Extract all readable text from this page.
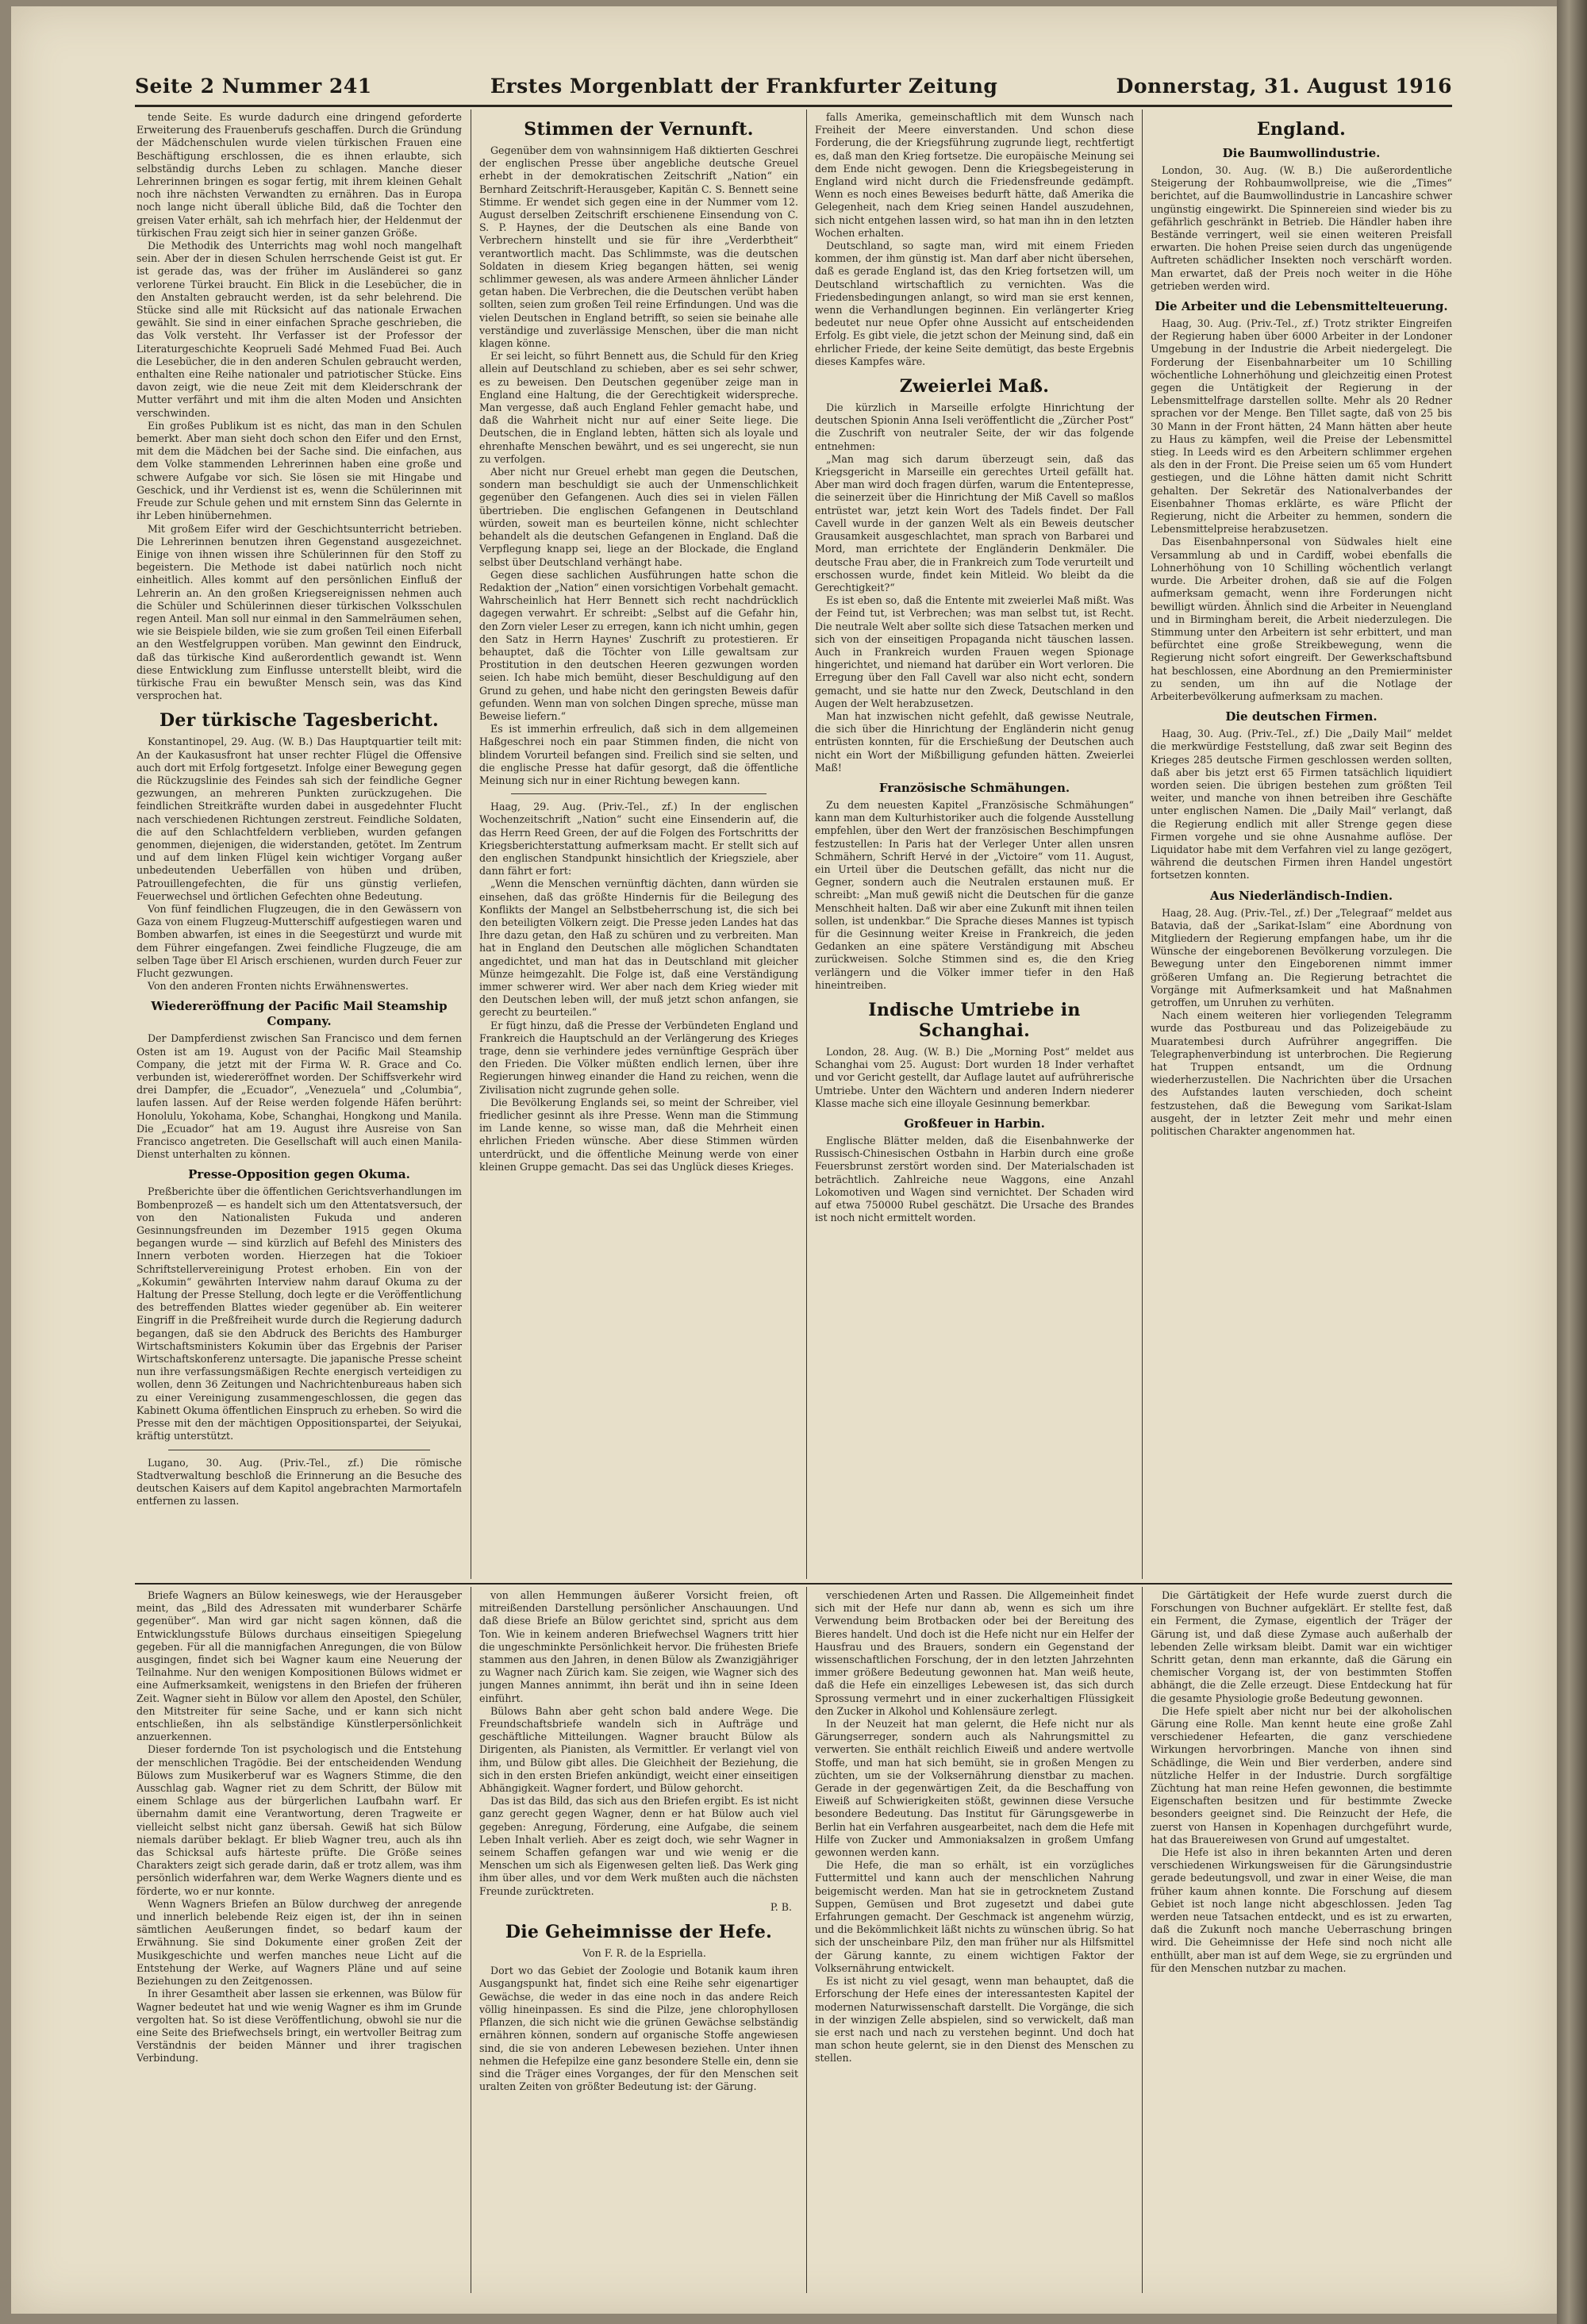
Seite 2 Nummer 241	Erstes Morgenblatt der Frankfurter Zeitung	Donnerstag, 31. August 1916

tende Seite. Es wurde dadurch eine dringend geforderte Erweiterung des Frauenberufs geschaffen. Durch die Gründung der Mädchenschulen wurde vielen türkischen Frauen eine Beschäftigung erschlossen, die es ihnen erlaubte, sich selbständig durchs Leben zu schlagen. Manche dieser Lehrerinnen bringen es sogar fertig, mit ihrem kleinen Gehalt noch ihre nächsten Verwandten zu ernähren. Das in Europa noch lange nicht überall übliche Bild, daß die Tochter den greisen Vater erhält, sah ich mehrfach hier, der Heldenmut der türkischen Frau zeigt sich hier in seiner ganzen Größe.

Die Methodik des Unterrichts mag wohl noch mangelhaft sein. Aber der in diesen Schulen herrschende Geist ist gut. Er ist gerade das, was der früher im Ausländerei so ganz verlorene Türkei braucht. Ein Blick in die Lesebücher, die in den Anstalten gebraucht werden, ist da sehr belehrend. Die Stücke sind alle mit Rücksicht auf das nationale Erwachen gewählt. Sie sind in einer einfachen Sprache geschrieben, die das Volk versteht. Ihr Verfasser ist der Professor der Literaturgeschichte Keoprueli Sadé Mehmed Fuad Bei. Auch die Lesebücher, die in den anderen Schulen gebraucht werden, enthalten eine Reihe nationaler und patriotischer Stücke. Eins davon zeigt, wie die neue Zeit mit dem Kleiderschrank der Mutter verfährt und mit ihm die alten Moden und Ansichten verschwinden.

Ein großes Publikum ist es nicht, das man in den Schulen bemerkt. Aber man sieht doch schon den Eifer und den Ernst, mit dem die Mädchen bei der Sache sind. Die einfachen, aus dem Volke stammenden Lehrerinnen haben eine große und schwere Aufgabe vor sich. Sie lösen sie mit Hingabe und Geschick, und ihr Verdienst ist es, wenn die Schülerinnen mit Freude zur Schule gehen und mit ernstem Sinn das Gelernte in ihr Leben hinübernehmen.

Mit großem Eifer wird der Geschichtsunterricht betrieben. Die Lehrerinnen benutzen ihren Gegenstand ausgezeichnet. Einige von ihnen wissen ihre Schülerinnen für den Stoff zu begeistern. Die Methode ist dabei natürlich noch nicht einheitlich. Alles kommt auf den persönlichen Einfluß der Lehrerin an. An den großen Kriegsereignissen nehmen auch die Schüler und Schülerinnen dieser türkischen Volksschulen regen Anteil. Man soll nur einmal in den Sammelräumen sehen, wie sie Beispiele bilden, wie sie zum großen Teil einen Eiferball an den Westfelgruppen vorüben. Man gewinnt den Eindruck, daß das türkische Kind außerordentlich gewandt ist. Wenn diese Entwicklung zum Einflusse unterstellt bleibt, wird die türkische Frau ein bewußter Mensch sein, was das Kind versprochen hat.

Der türkische Tagesbericht.

Konstantinopel, 29. Aug. (W. B.) Das Hauptquartier teilt mit: An der Kaukasusfront hat unser rechter Flügel die Offensive auch dort mit Erfolg fortgesetzt. Infolge einer Bewegung gegen die Rückzugslinie des Feindes sah sich der feindliche Gegner gezwungen, an mehreren Punkten zurückzugehen. Die feindlichen Streitkräfte wurden dabei in ausgedehnter Flucht nach verschiedenen Richtungen zerstreut. Feindliche Soldaten, die auf den Schlachtfeldern verblieben, wurden gefangen genommen, diejenigen, die widerstanden, getötet. Im Zentrum und auf dem linken Flügel kein wichtiger Vorgang außer unbedeutenden Ueberfällen von hüben und drüben, Patrouillengefechten, die für uns günstig verliefen, Feuerwechsel und örtlichen Gefechten ohne Bedeutung.

Von fünf feindlichen Flugzeugen, die in den Gewässern von Gaza von einem Flugzeug-Mutterschiff aufgestiegen waren und Bomben abwarfen, ist eines in die Seegestürzt und wurde mit dem Führer eingefangen. Zwei feindliche Flugzeuge, die am selben Tage über El Arisch erschienen, wurden durch Feuer zur Flucht gezwungen.

Von den anderen Fronten nichts Erwähnenswertes.

Wiedereröffnung der Pacific Mail Steamship Company.

Der Dampferdienst zwischen San Francisco und dem fernen Osten ist am 19. August von der Pacific Mail Steamship Company, die jetzt mit der Firma W. R. Grace and Co. verbunden ist, wiedereröffnet worden. Der Schiffsverkehr wird drei Dampfer, die „Ecuador“, „Venezuela“ und „Columbia“, laufen lassen. Auf der Reise werden folgende Häfen berührt: Honolulu, Yokohama, Kobe, Schanghai, Hongkong und Manila. Die „Ecuador“ hat am 19. August ihre Ausreise von San Francisco angetreten. Die Gesellschaft will auch einen Manila-Dienst unterhalten zu können.

Presse-Opposition gegen Okuma.

Preßberichte über die öffentlichen Gerichtsverhandlungen im Bombenprozeß — es handelt sich um den Attentatsversuch, der von den Nationalisten Fukuda und anderen Gesinnungsfreunden im Dezember 1915 gegen Okuma begangen wurde — sind kürzlich auf Befehl des Ministers des Innern verboten worden. Hierzegen hat die Tokioer Schriftstellervereinigung Protest erhoben. Ein von der „Kokumin“ gewährten Interview nahm darauf Okuma zu der Haltung der Presse Stellung, doch legte er die Veröffentlichung des betreffenden Blattes wieder gegenüber ab. Ein weiterer Eingriff in die Preßfreiheit wurde durch die Regierung dadurch begangen, daß sie den Abdruck des Berichts des Hamburger Wirtschaftsministers Kokumin über das Ergebnis der Pariser Wirtschaftskonferenz untersagte. Die japanische Presse scheint nun ihre verfassungsmäßigen Rechte energisch verteidigen zu wollen, denn 36 Zeitungen und Nachrichtenbureaus haben sich zu einer Vereinigung zusammengeschlossen, die gegen das Kabinett Okuma öffentlichen Einspruch zu erheben. So wird die Presse mit den der mächtigen Oppositionspartei, der Seiyukai, kräftig unterstützt.

Lugano, 30. Aug. (Priv.-Tel., zf.) Die römische Stadtverwaltung beschloß die Erinnerung an die Besuche des deutschen Kaisers auf dem Kapitol angebrachten Marmortafeln entfernen zu lassen.

Stimmen der Vernunft.

Gegenüber dem von wahnsinnigem Haß diktierten Geschrei der englischen Presse über angebliche deutsche Greuel erhebt in der demokratischen Zeitschrift „Nation“ ein Bernhard Zeitschrift-Herausgeber, Kapitän C. S. Bennett seine Stimme. Er wendet sich gegen eine in der Nummer vom 12. August derselben Zeitschrift erschienene Einsendung von C. S. P. Haynes, der die Deutschen als eine Bande von Verbrechern hinstellt und sie für ihre „Verderbtheit“ verantwortlich macht. Das Schlimmste, was die deutschen Soldaten in diesem Krieg begangen hätten, sei wenig schlimmer gewesen, als was andere Armeen ähnlicher Länder getan haben. Die Verbrechen, die die Deutschen verübt haben sollten, seien zum großen Teil reine Erfindungen. Und was die vielen Deutschen in England betrifft, so seien sie beinahe alle verständige und zuverlässige Menschen, über die man nicht klagen könne.

Er sei leicht, so führt Bennett aus, die Schuld für den Krieg allein auf Deutschland zu schieben, aber es sei sehr schwer, es zu beweisen. Den Deutschen gegenüber zeige man in England eine Haltung, die der Gerechtigkeit widerspreche. Man vergesse, daß auch England Fehler gemacht habe, und daß die Wahrheit nicht nur auf einer Seite liege. Die Deutschen, die in England lebten, hätten sich als loyale und ehrenhafte Menschen bewährt, und es sei ungerecht, sie nun zu verfolgen.

Aber nicht nur Greuel erhebt man gegen die Deutschen, sondern man beschuldigt sie auch der Unmenschlichkeit gegenüber den Gefangenen. Auch dies sei in vielen Fällen übertrieben. Die englischen Gefangenen in Deutschland würden, soweit man es beurteilen könne, nicht schlechter behandelt als die deutschen Gefangenen in England. Daß die Verpflegung knapp sei, liege an der Blockade, die England selbst über Deutschland verhängt habe.

Gegen diese sachlichen Ausführungen hatte schon die Redaktion der „Nation“ einen vorsichtigen Vorbehalt gemacht. Wahrscheinlich hat Herr Bennett sich recht nachdrücklich dagegen verwahrt. Er schreibt: „Selbst auf die Gefahr hin, den Zorn vieler Leser zu erregen, kann ich nicht umhin, gegen den Satz in Herrn Haynes' Zuschrift zu protestieren. Er behauptet, daß die Töchter von Lille gewaltsam zur Prostitution in den deutschen Heeren gezwungen worden seien. Ich habe mich bemüht, dieser Beschuldigung auf den Grund zu gehen, und habe nicht den geringsten Beweis dafür gefunden. Wenn man von solchen Dingen spreche, müsse man Beweise liefern.“

Es ist immerhin erfreulich, daß sich in dem allgemeinen Haßgeschrei noch ein paar Stimmen finden, die nicht von blindem Vorurteil befangen sind. Freilich sind sie selten, und die englische Presse hat dafür gesorgt, daß die öffentliche Meinung sich nur in einer Richtung bewegen kann.

Haag, 29. Aug. (Priv.-Tel., zf.) In der englischen Wochenzeitschrift „Nation“ sucht eine Einsenderin auf, die das Herrn Reed Green, der auf die Folgen des Fortschritts der Kriegsberichterstattung aufmerksam macht. Er stellt sich auf den englischen Standpunkt hinsichtlich der Kriegsziele, aber dann fährt er fort:

„Wenn die Menschen vernünftig dächten, dann würden sie einsehen, daß das größte Hindernis für die Beilegung des Konflikts der Mangel an Selbstbeherrschung ist, die sich bei den beteiligten Völkern zeigt. Die Presse jeden Landes hat das Ihre dazu getan, den Haß zu schüren und zu verbreiten. Man hat in England den Deutschen alle möglichen Schandtaten angedichtet, und man hat das in Deutschland mit gleicher Münze heimgezahlt. Die Folge ist, daß eine Verständigung immer schwerer wird. Wer aber nach dem Krieg wieder mit den Deutschen leben will, der muß jetzt schon anfangen, sie gerecht zu beurteilen.“

Er fügt hinzu, daß die Presse der Verbündeten England und Frankreich die Hauptschuld an der Verlängerung des Krieges trage, denn sie verhindere jedes vernünftige Gespräch über den Frieden. Die Völker müßten endlich lernen, über ihre Regierungen hinweg einander die Hand zu reichen, wenn die Zivilisation nicht zugrunde gehen solle.

Die Bevölkerung Englands sei, so meint der Schreiber, viel friedlicher gesinnt als ihre Presse. Wenn man die Stimmung im Lande kenne, so wisse man, daß die Mehrheit einen ehrlichen Frieden wünsche. Aber diese Stimmen würden unterdrückt, und die öffentliche Meinung werde von einer kleinen Gruppe gemacht. Das sei das Unglück dieses Krieges.

falls Amerika, gemeinschaftlich mit dem Wunsch nach Freiheit der Meere einverstanden. Und schon diese Forderung, die der Kriegsführung zugrunde liegt, rechtfertigt es, daß man den Krieg fortsetze. Die europäische Meinung sei dem Ende nicht gewogen. Denn die Kriegsbegeisterung in England wird nicht durch die Friedensfreunde gedämpft. Wenn es noch eines Beweises bedurft hätte, daß Amerika die Gelegenheit, nach dem Krieg seinen Handel auszudehnen, sich nicht entgehen lassen wird, so hat man ihn in den letzten Wochen erhalten.

Deutschland, so sagte man, wird mit einem Frieden kommen, der ihm günstig ist. Man darf aber nicht übersehen, daß es gerade England ist, das den Krieg fortsetzen will, um Deutschland wirtschaftlich zu vernichten. Was die Friedensbedingungen anlangt, so wird man sie erst kennen, wenn die Verhandlungen beginnen. Ein verlängerter Krieg bedeutet nur neue Opfer ohne Aussicht auf entscheidenden Erfolg. Es gibt viele, die jetzt schon der Meinung sind, daß ein ehrlicher Friede, der keine Seite demütigt, das beste Ergebnis dieses Kampfes wäre.

Zweierlei Maß.

Die kürzlich in Marseille erfolgte Hinrichtung der deutschen Spionin Anna Iseli veröffentlicht die „Zürcher Post“ die Zuschrift von neutraler Seite, der wir das folgende entnehmen:

„Man mag sich darum überzeugt sein, daß das Kriegsgericht in Marseille ein gerechtes Urteil gefällt hat. Aber man wird doch fragen dürfen, warum die Ententepresse, die seinerzeit über die Hinrichtung der Miß Cavell so maßlos entrüstet war, jetzt kein Wort des Tadels findet. Der Fall Cavell wurde in der ganzen Welt als ein Beweis deutscher Grausamkeit ausgeschlachtet, man sprach von Barbarei und Mord, man errichtete der Engländerin Denkmäler. Die deutsche Frau aber, die in Frankreich zum Tode verurteilt und erschossen wurde, findet kein Mitleid. Wo bleibt da die Gerechtigkeit?“

Es ist eben so, daß die Entente mit zweierlei Maß mißt. Was der Feind tut, ist Verbrechen; was man selbst tut, ist Recht. Die neutrale Welt aber sollte sich diese Tatsachen merken und sich von der einseitigen Propaganda nicht täuschen lassen. Auch in Frankreich wurden Frauen wegen Spionage hingerichtet, und niemand hat darüber ein Wort verloren. Die Erregung über den Fall Cavell war also nicht echt, sondern gemacht, und sie hatte nur den Zweck, Deutschland in den Augen der Welt herabzusetzen.

Man hat inzwischen nicht gefehlt, daß gewisse Neutrale, die sich über die Hinrichtung der Engländerin nicht genug entrüsten konnten, für die Erschießung der Deutschen auch nicht ein Wort der Mißbilligung gefunden hätten. Zweierlei Maß!

Französische Schmähungen.

Zu dem neuesten Kapitel „Französische Schmähungen“ kann man dem Kulturhistoriker auch die folgende Ausstellung empfehlen, über den Wert der französischen Beschimpfungen festzustellen: In Paris hat der Verleger Unter allen unsren Schmähern, Schrift Hervé in der „Victoire“ vom 11. August, ein Urteil über die Deutschen gefällt, das nicht nur die Gegner, sondern auch die Neutralen erstaunen muß. Er schreibt: „Man muß gewiß nicht die Deutschen für die ganze Menschheit halten. Daß wir aber eine Zukunft mit ihnen teilen sollen, ist undenkbar.“ Die Sprache dieses Mannes ist typisch für die Gesinnung weiter Kreise in Frankreich, die jeden Gedanken an eine spätere Verständigung mit Abscheu zurückweisen. Solche Stimmen sind es, die den Krieg verlängern und die Völker immer tiefer in den Haß hineintreiben.

Indische Umtriebe in Schanghai.

London, 28. Aug. (W. B.) Die „Morning Post“ meldet aus Schanghai vom 25. August: Dort wurden 18 Inder verhaftet und vor Gericht gestellt, dar Auflage lautet auf aufrührerische Umtriebe. Unter den Wächtern und anderen Indern niederer Klasse mache sich eine illoyale Gesinnung bemerkbar.

Großfeuer in Harbin.

Englische Blätter melden, daß die Eisenbahnwerke der Russisch-Chinesischen Ostbahn in Harbin durch eine große Feuersbrunst zerstört worden sind. Der Materialschaden ist beträchtlich. Zahlreiche neue Waggons, eine Anzahl Lokomotiven und Wagen sind vernichtet. Der Schaden wird auf etwa 750000 Rubel geschätzt. Die Ursache des Brandes ist noch nicht ermittelt worden.

England.
Die Baumwollindustrie.

London, 30. Aug. (W. B.) Die außerordentliche Steigerung der Rohbaumwollpreise, wie die „Times“ berichtet, auf die Baumwollindustrie in Lancashire schwer ungünstig eingewirkt. Die Spinnereien sind wieder bis zu gefährlich geschränkt in Betrieb. Die Händler haben ihre Bestände verringert, weil sie einen weiteren Preisfall erwarten. Die hohen Preise seien durch das ungenügende Auftreten schädlicher Insekten noch verschärft worden. Man erwartet, daß der Preis noch weiter in die Höhe getrieben werden wird.

Die Arbeiter und die Lebensmittelteuerung.

Haag, 30. Aug. (Priv.-Tel., zf.) Trotz strikter Eingreifen der Regierung haben über 6000 Arbeiter in der Londoner Umgebung in der Industrie die Arbeit niedergelegt. Die Forderung der Eisenbahnarbeiter um 10 Schilling wöchentliche Lohnerhöhung und gleichzeitig einen Protest gegen die Untätigkeit der Regierung in der Lebensmittelfrage darstellen sollte. Mehr als 20 Redner sprachen vor der Menge. Ben Tillet sagte, daß von 25 bis 30 Mann in der Front hätten, 24 Mann hätten aber heute zu Haus zu kämpfen, weil die Preise der Lebensmittel stieg. In Leeds wird es den Arbeitern schlimmer ergehen als den in der Front. Die Preise seien um 65 vom Hundert gestiegen, und die Löhne hätten damit nicht Schritt gehalten. Der Sekretär des Nationalverbandes der Eisenbahner Thomas erklärte, es wäre Pflicht der Regierung, nicht die Arbeiter zu hemmen, sondern die Lebensmittelpreise herabzusetzen.

Das Eisenbahnpersonal von Südwales hielt eine Versammlung ab und in Cardiff, wobei ebenfalls die Lohnerhöhung von 10 Schilling wöchentlich verlangt wurde. Die Arbeiter drohen, daß sie auf die Folgen aufmerksam gemacht, wenn ihre Forderungen nicht bewilligt würden. Ähnlich sind die Arbeiter in Neuengland und in Birmingham bereit, die Arbeit niederzulegen. Die Stimmung unter den Arbeitern ist sehr erbittert, und man befürchtet eine große Streikbewegung, wenn die Regierung nicht sofort eingreift. Der Gewerkschaftsbund hat beschlossen, eine Abordnung an den Premierminister zu senden, um ihn auf die Notlage der Arbeiterbevölkerung aufmerksam zu machen.

Die deutschen Firmen.

Haag, 30. Aug. (Priv.-Tel., zf.) Die „Daily Mail“ meldet die merkwürdige Feststellung, daß zwar seit Beginn des Krieges 285 deutsche Firmen geschlossen werden sollten, daß aber bis jetzt erst 65 Firmen tatsächlich liquidiert worden seien. Die übrigen bestehen zum größten Teil weiter, und manche von ihnen betreiben ihre Geschäfte unter englischen Namen. Die „Daily Mail“ verlangt, daß die Regierung endlich mit aller Strenge gegen diese Firmen vorgehe und sie ohne Ausnahme auflöse. Der Liquidator habe mit dem Verfahren viel zu lange gezögert, während die deutschen Firmen ihren Handel ungestört fortsetzen konnten.

Aus Niederländisch-Indien.

Haag, 28. Aug. (Priv.-Tel., zf.) Der „Telegraaf“ meldet aus Batavia, daß der „Sarikat-Islam“ eine Abordnung von Mitgliedern der Regierung empfangen habe, um ihr die Wünsche der eingeborenen Bevölkerung vorzulegen. Die Bewegung unter den Eingeborenen nimmt immer größeren Umfang an. Die Regierung betrachtet die Vorgänge mit Aufmerksamkeit und hat Maßnahmen getroffen, um Unruhen zu verhüten.

Nach einem weiteren hier vorliegenden Telegramm wurde das Postbureau und das Polizeigebäude zu Muaratembesi durch Aufrührer angegriffen. Die Telegraphenverbindung ist unterbrochen. Die Regierung hat Truppen entsandt, um die Ordnung wiederherzustellen. Die Nachrichten über die Ursachen des Aufstandes lauten verschieden, doch scheint festzustehen, daß die Bewegung vom Sarikat-Islam ausgeht, der in letzter Zeit mehr und mehr einen politischen Charakter angenommen hat.

Briefe Wagners an Bülow keineswegs, wie der Herausgeber meint, das „Bild des Adressaten mit wunderbarer Schärfe gegenüber“. Man wird gar nicht sagen können, daß die Entwicklungsstufe Bülows durchaus einseitigen Spiegelung gegeben. Für all die mannigfachen Anregungen, die von Bülow ausgingen, findet sich bei Wagner kaum eine Neuerung der Teilnahme. Nur den wenigen Kompositionen Bülows widmet er eine Aufmerksamkeit, wenigstens in den Briefen der früheren Zeit. Wagner sieht in Bülow vor allem den Apostel, den Schüler, den Mitstreiter für seine Sache, und er kann sich nicht entschließen, ihn als selbständige Künstlerpersönlichkeit anzuerkennen.

Dieser fordernde Ton ist psychologisch und die Entstehung der menschlichen Tragödie. Bei der entscheidenden Wendung Bülows zum Musikerberuf war es Wagners Stimme, die den Ausschlag gab. Wagner riet zu dem Schritt, der Bülow mit einem Schlage aus der bürgerlichen Laufbahn warf. Er übernahm damit eine Verantwortung, deren Tragweite er vielleicht selbst nicht ganz übersah. Gewiß hat sich Bülow niemals darüber beklagt. Er blieb Wagner treu, auch als ihn das Schicksal aufs härteste prüfte. Die Größe seines Charakters zeigt sich gerade darin, daß er trotz allem, was ihm persönlich widerfahren war, dem Werke Wagners diente und es förderte, wo er nur konnte.

Wenn Wagners Briefen an Bülow durchweg der anregende und innerlich belebende Reiz eigen ist, der ihn in seinen sämtlichen Aeußerungen findet, so bedarf kaum der Erwähnung. Sie sind Dokumente einer großen Zeit der Musikgeschichte und werfen manches neue Licht auf die Entstehung der Werke, auf Wagners Pläne und auf seine Beziehungen zu den Zeitgenossen.

In ihrer Gesamtheit aber lassen sie erkennen, was Bülow für Wagner bedeutet hat und wie wenig Wagner es ihm im Grunde vergolten hat. So ist diese Veröffentlichung, obwohl sie nur die eine Seite des Briefwechsels bringt, ein wertvoller Beitrag zum Verständnis der beiden Männer und ihrer tragischen Verbindung.

von allen Hemmungen äußerer Vorsicht freien, oft mitreißenden Darstellung persönlicher Anschauungen. Und daß diese Briefe an Bülow gerichtet sind, spricht aus dem Ton. Wie in keinem anderen Briefwechsel Wagners tritt hier die ungeschminkte Persönlichkeit hervor. Die frühesten Briefe stammen aus den Jahren, in denen Bülow als Zwanzigjähriger zu Wagner nach Zürich kam. Sie zeigen, wie Wagner sich des jungen Mannes annimmt, ihn berät und ihn in seine Ideen einführt.

Bülows Bahn aber geht schon bald andere Wege. Die Freundschaftsbriefe wandeln sich in Aufträge und geschäftliche Mitteilungen. Wagner braucht Bülow als Dirigenten, als Pianisten, als Vermittler. Er verlangt viel von ihm, und Bülow gibt alles. Die Gleichheit der Beziehung, die sich in den ersten Briefen ankündigt, weicht einer einseitigen Abhängigkeit. Wagner fordert, und Bülow gehorcht.

Das ist das Bild, das sich aus den Briefen ergibt. Es ist nicht ganz gerecht gegen Wagner, denn er hat Bülow auch viel gegeben: Anregung, Förderung, eine Aufgabe, die seinem Leben Inhalt verlieh. Aber es zeigt doch, wie sehr Wagner in seinem Schaffen gefangen war und wie wenig er die Menschen um sich als Eigenwesen gelten ließ. Das Werk ging ihm über alles, und vor dem Werk mußten auch die nächsten Freunde zurücktreten.

P. B.

Die Geheimnisse der Hefe.

Von F. R. de la Espriella.

Dort wo das Gebiet der Zoologie und Botanik kaum ihren Ausgangspunkt hat, findet sich eine Reihe sehr eigenartiger Gewächse, die weder in das eine noch in das andere Reich völlig hineinpassen. Es sind die Pilze, jene chlorophyllosen Pflanzen, die sich nicht wie die grünen Gewächse selbständig ernähren können, sondern auf organische Stoffe angewiesen sind, die sie von anderen Lebewesen beziehen. Unter ihnen nehmen die Hefepilze eine ganz besondere Stelle ein, denn sie sind die Träger eines Vorganges, der für den Menschen seit uralten Zeiten von größter Bedeutung ist: der Gärung.

verschiedenen Arten und Rassen. Die Allgemeinheit findet sich mit der Hefe nur dann ab, wenn es sich um ihre Verwendung beim Brotbacken oder bei der Bereitung des Bieres handelt. Und doch ist die Hefe nicht nur ein Helfer der Hausfrau und des Brauers, sondern ein Gegenstand der wissenschaftlichen Forschung, der in den letzten Jahrzehnten immer größere Bedeutung gewonnen hat. Man weiß heute, daß die Hefe ein einzelliges Lebewesen ist, das sich durch Sprossung vermehrt und in einer zuckerhaltigen Flüssigkeit den Zucker in Alkohol und Kohlensäure zerlegt.

In der Neuzeit hat man gelernt, die Hefe nicht nur als Gärungserreger, sondern auch als Nahrungsmittel zu verwerten. Sie enthält reichlich Eiweiß und andere wertvolle Stoffe, und man hat sich bemüht, sie in großen Mengen zu züchten, um sie der Volksernährung dienstbar zu machen. Gerade in der gegenwärtigen Zeit, da die Beschaffung von Eiweiß auf Schwierigkeiten stößt, gewinnen diese Versuche besondere Bedeutung. Das Institut für Gärungsgewerbe in Berlin hat ein Verfahren ausgearbeitet, nach dem die Hefe mit Hilfe von Zucker und Ammoniaksalzen in großem Umfang gewonnen werden kann.

Die Hefe, die man so erhält, ist ein vorzügliches Futtermittel und kann auch der menschlichen Nahrung beigemischt werden. Man hat sie in getrocknetem Zustand Suppen, Gemüsen und Brot zugesetzt und dabei gute Erfahrungen gemacht. Der Geschmack ist angenehm würzig, und die Bekömmlichkeit läßt nichts zu wünschen übrig. So hat sich der unscheinbare Pilz, den man früher nur als Hilfsmittel der Gärung kannte, zu einem wichtigen Faktor der Volksernährung entwickelt.

Es ist nicht zu viel gesagt, wenn man behauptet, daß die Erforschung der Hefe eines der interessantesten Kapitel der modernen Naturwissenschaft darstellt. Die Vorgänge, die sich in der winzigen Zelle abspielen, sind so verwickelt, daß man sie erst nach und nach zu verstehen beginnt. Und doch hat man schon heute gelernt, sie in den Dienst des Menschen zu stellen.

Die Gärtätigkeit der Hefe wurde zuerst durch die Forschungen von Buchner aufgeklärt. Er stellte fest, daß ein Ferment, die Zymase, eigentlich der Träger der Gärung ist, und daß diese Zymase auch außerhalb der lebenden Zelle wirksam bleibt. Damit war ein wichtiger Schritt getan, denn man erkannte, daß die Gärung ein chemischer Vorgang ist, der von bestimmten Stoffen abhängt, die die Zelle erzeugt. Diese Entdeckung hat für die gesamte Physiologie große Bedeutung gewonnen.

Die Hefe spielt aber nicht nur bei der alkoholischen Gärung eine Rolle. Man kennt heute eine große Zahl verschiedener Hefearten, die ganz verschiedene Wirkungen hervorbringen. Manche von ihnen sind Schädlinge, die Wein und Bier verderben, andere sind nützliche Helfer in der Industrie. Durch sorgfältige Züchtung hat man reine Hefen gewonnen, die bestimmte Eigenschaften besitzen und für bestimmte Zwecke besonders geeignet sind. Die Reinzucht der Hefe, die zuerst von Hansen in Kopenhagen durchgeführt wurde, hat das Brauereiwesen von Grund auf umgestaltet.

Die Hefe ist also in ihren bekannten Arten und deren verschiedenen Wirkungsweisen für die Gärungsindustrie gerade bedeutungsvoll, und zwar in einer Weise, die man früher kaum ahnen konnte. Die Forschung auf diesem Gebiet ist noch lange nicht abgeschlossen. Jeden Tag werden neue Tatsachen entdeckt, und es ist zu erwarten, daß die Zukunft noch manche Ueberraschung bringen wird. Die Geheimnisse der Hefe sind noch nicht alle enthüllt, aber man ist auf dem Wege, sie zu ergründen und für den Menschen nutzbar zu machen.
